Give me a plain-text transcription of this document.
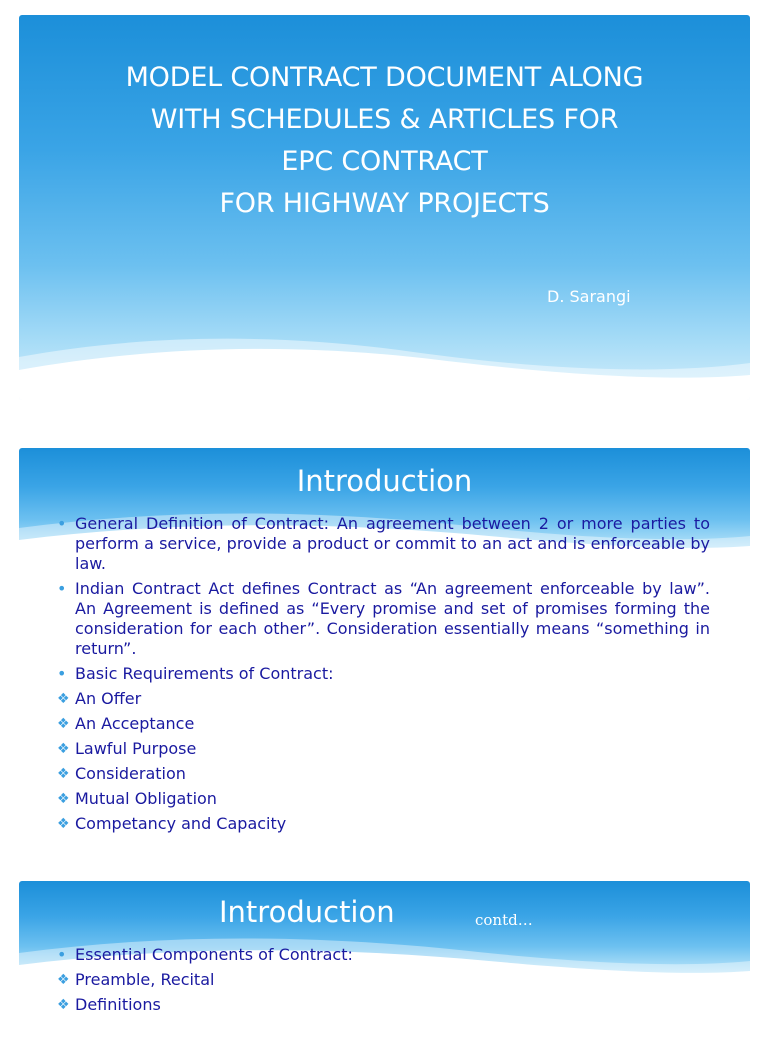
MODEL CONTRACT DOCUMENT ALONG
WITH SCHEDULES & ARTICLES FOR
EPC CONTRACT
FOR HIGHWAY PROJECTS
D. Sarangi
Introduction
• General Definition of Contract: An agreement between 2 or more parties to perform a service, provide a product or commit to an act and is enforceable by law.
• Indian Contract Act defines Contract as “An agreement enforceable by law”. An Agreement is defined as “Every promise and set of promises forming the consideration for each other”. Consideration essentially means “something in return”.
• Basic Requirements of Contract:
❖ An Offer
❖ An Acceptance
❖ Lawful Purpose
❖ Consideration
❖ Mutual Obligation
❖ Competancy and Capacity
Introduction	contd…
• Essential Components of Contract:
❖ Preamble, Recital
❖ Definitions
